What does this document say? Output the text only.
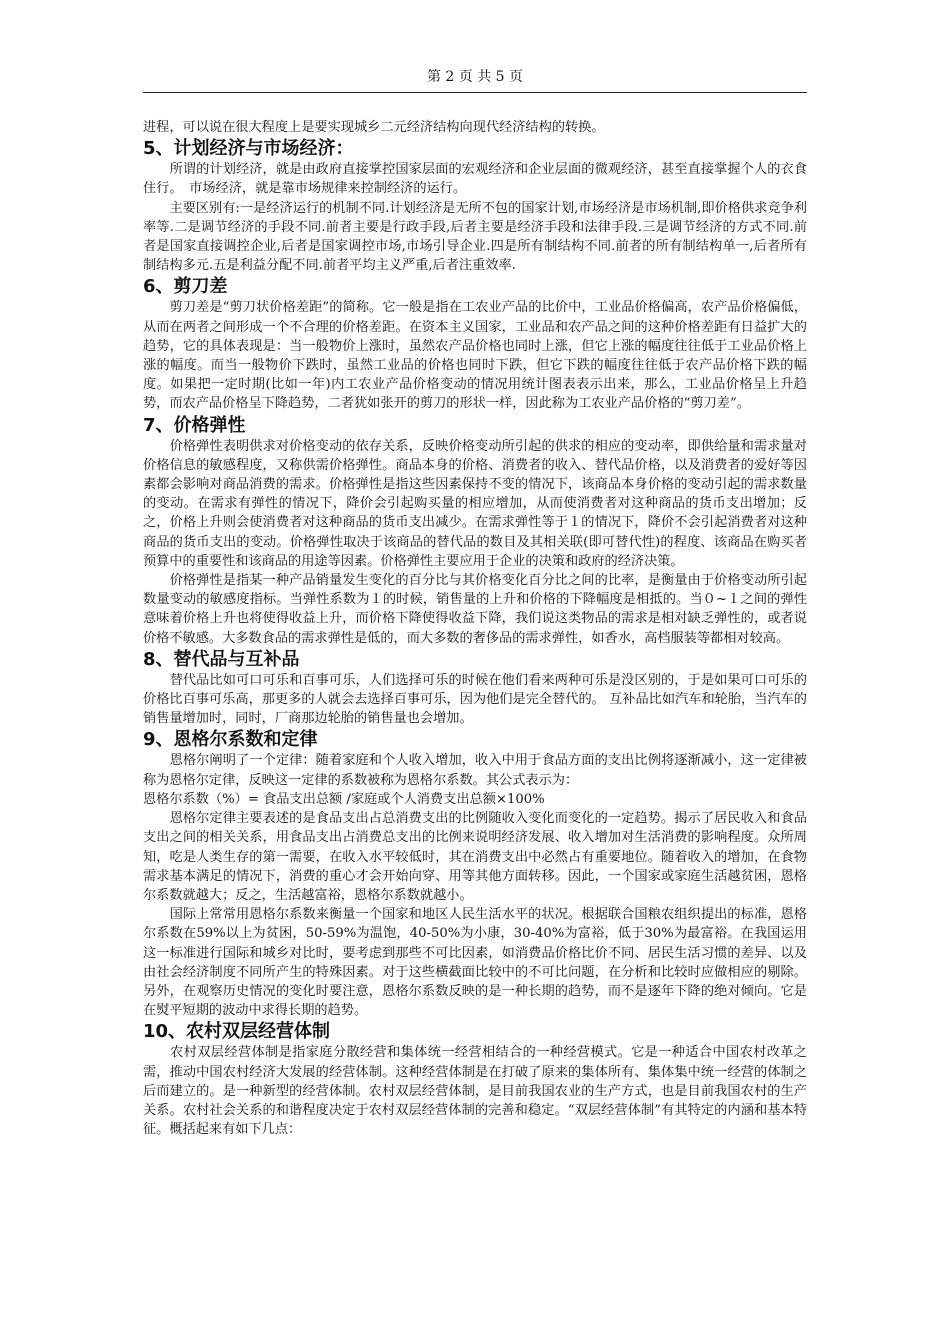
第 2 页 共 5 页

进程，可以说在很大程度上是要实现城乡二元经济结构向现代经济结构的转换。

5、计划经济与市场经济：

　　所谓的计划经济，就是由政府直接掌控国家层面的宏观经济和企业层面的微观经济，甚至直接掌握个人的衣食住行。　市场经济，就是靠市场规律来控制经济的运行。

　　主要区别有:一是经济运行的机制不同.计划经济是无所不包的国家计划,市场经济是市场机制,即价格供求竞争利率等.二是调节经济的手段不同.前者主要是行政手段,后者主要是经济手段和法律手段.三是调节经济的方式不同.前者是国家直接调控企业,后者是国家调控市场,市场引导企业.四是所有制结构不同.前者的所有制结构单一,后者所有制结构多元.五是利益分配不同.前者平均主义严重,后者注重效率.

6、剪刀差

　　剪刀差是“剪刀状价格差距”的简称。它一般是指在工农业产品的比价中，工业品价格偏高，农产品价格偏低，从而在两者之间形成一个不合理的价格差距。在资本主义国家，工业品和农产品之间的这种价格差距有日益扩大的趋势，它的具体表现是：当一般物价上涨时，虽然农产品价格也同时上涨，但它上涨的幅度往往低于工业品价格上涨的幅度。而当一般物价下跌时，虽然工业品的价格也同时下跌，但它下跌的幅度往往低于农产品价格下跌的幅度。如果把一定时期(比如一年)内工农业产品价格变动的情况用统计图表表示出来，那么，工业品价格呈上升趋势，而农产品价格呈下降趋势，二者犹如张开的剪刀的形状一样，因此称为工农业产品价格的“剪刀差”。

7、价格弹性

　　价格弹性表明供求对价格变动的依存关系，反映价格变动所引起的供求的相应的变动率，即供给量和需求量对价格信息的敏感程度，又称供需价格弹性。商品本身的价格、消费者的收入、替代品价格，以及消费者的爱好等因素都会影响对商品消费的需求。价格弹性是指这些因素保持不变的情况下，该商品本身价格的变动引起的需求数量的变动。在需求有弹性的情况下，降价会引起购买量的相应增加，从而使消费者对这种商品的货币支出增加；反之，价格上升则会使消费者对这种商品的货币支出减少。在需求弹性等于１的情况下，降价不会引起消费者对这种商品的货币支出的变动。价格弹性取决于该商品的替代品的数目及其相关联(即可替代性)的程度、该商品在购买者预算中的重要性和该商品的用途等因素。价格弹性主要应用于企业的决策和政府的经济决策。

　　价格弹性是指某一种产品销量发生变化的百分比与其价格变化百分比之间的比率，是衡量由于价格变动所引起数量变动的敏感度指标。当弹性系数为１的时候，销售量的上升和价格的下降幅度是相抵的。当０~１之间的弹性意味着价格上升也将使得收益上升，而价格下降使得收益下降，我们说这类物品的需求是相对缺乏弹性的，或者说价格不敏感。大多数食品的需求弹性是低的，而大多数的奢侈品的需求弹性，如香水，高档服装等都相对较高。

8、替代品与互补品

　　替代品比如可口可乐和百事可乐，人们选择可乐的时候在他们看来两种可乐是没区别的，于是如果可口可乐的价格比百事可乐高，那更多的人就会去选择百事可乐，因为他们是完全替代的。 互补品比如汽车和轮胎，当汽车的销售量增加时，同时，厂商那边轮胎的销售量也会增加。

9、恩格尔系数和定律

　　恩格尔阐明了一个定律：随着家庭和个人收入增加，收入中用于食品方面的支出比例将逐渐减小，这一定律被称为恩格尔定律，反映这一定律的系数被称为恩格尔系数。其公式表示为：

恩格尔系数（%）= 食品支出总额 /家庭或个人消费支出总额×100%

　　恩格尔定律主要表述的是食品支出占总消费支出的比例随收入变化而变化的一定趋势。揭示了居民收入和食品支出之间的相关关系，用食品支出占消费总支出的比例来说明经济发展、收入增加对生活消费的影响程度。众所周知，吃是人类生存的第一需要，在收入水平较低时，其在消费支出中必然占有重要地位。随着收入的增加，在食物需求基本满足的情况下，消费的重心才会开始向穿、用等其他方面转移。因此，一个国家或家庭生活越贫困，恩格尔系数就越大；反之，生活越富裕，恩格尔系数就越小。

　　国际上常常用恩格尔系数来衡量一个国家和地区人民生活水平的状况。根据联合国粮农组织提出的标准，恩格尔系数在59%以上为贫困，50-59%为温饱，40-50%为小康，30-40%为富裕，低于30%为最富裕。在我国运用这一标准进行国际和城乡对比时，要考虑到那些不可比因素，如消费品价格比价不同、居民生活习惯的差异、以及由社会经济制度不同所产生的特殊因素。对于这些横截面比较中的不可比问题，在分析和比较时应做相应的剔除。另外，在观察历史情况的变化时要注意，恩格尔系数反映的是一种长期的趋势，而不是逐年下降的绝对倾向。它是在熨平短期的波动中求得长期的趋势。

10、农村双层经营体制

　　农村双层经营体制是指家庭分散经营和集体统一经营相结合的一种经营模式。它是一种适合中国农村改革之需，推动中国农村经济大发展的经营体制。这种经营体制是在打破了原来的集体所有、集体集中统一经营的体制之后而建立的。是一种新型的经营体制。农村双层经营体制，是目前我国农业的生产方式，也是目前我国农村的生产关系。农村社会关系的和谐程度决定于农村双层经营体制的完善和稳定。“双层经营体制”有其特定的内涵和基本特征。概括起来有如下几点：
